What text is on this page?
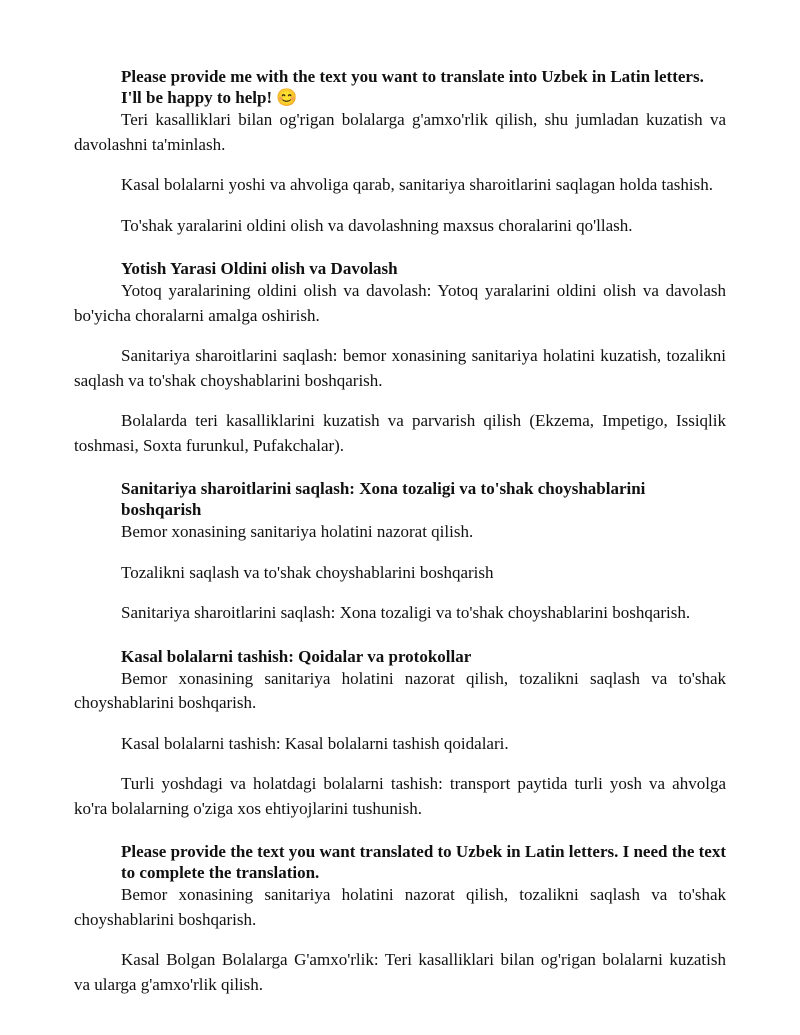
Please provide me with the text you want to translate into Uzbek in Latin letters. I'll be happy to help! 😊

Teri kasalliklari bilan og'rigan bolalarga g'amxo'rlik qilish, shu jumladan kuzatish va davolashni ta'minlash.

Kasal bolalarni yoshi va ahvoliga qarab, sanitariya sharoitlarini saqlagan holda tashish.

To'shak yaralarini oldini olish va davolashning maxsus choralarini qo'llash.

Yotish Yarasi Oldini olish va Davolash

Yotoq yaralarining oldini olish va davolash: Yotoq yaralarini oldini olish va davolash bo'yicha choralarni amalga oshirish.

Sanitariya sharoitlarini saqlash: bemor xonasining sanitariya holatini kuzatish, tozalikni saqlash va to'shak choyshablarini boshqarish.

Bolalarda teri kasalliklarini kuzatish va parvarish qilish (Ekzema, Impetigo, Issiqlik toshmasi, Soxta furunkul, Pufakchalar).

Sanitariya sharoitlarini saqlash: Xona tozaligi va to'shak choyshablarini boshqarish

Bemor xonasining sanitariya holatini nazorat qilish.

Tozalikni saqlash va to'shak choyshablarini boshqarish

Sanitariya sharoitlarini saqlash: Xona tozaligi va to'shak choyshablarini boshqarish.

Kasal bolalarni tashish: Qoidalar va protokollar

Bemor xonasining sanitariya holatini nazorat qilish, tozalikni saqlash va to'shak choyshablarini boshqarish.

Kasal bolalarni tashish: Kasal bolalarni tashish qoidalari.

Turli yoshdagi va holatdagi bolalarni tashish: transport paytida turli yosh va ahvolga ko'ra bolalarning o'ziga xos ehtiyojlarini tushunish.

Please provide the text you want translated to Uzbek in Latin letters. I need the text to complete the translation.

Bemor xonasining sanitariya holatini nazorat qilish, tozalikni saqlash va to'shak choyshablarini boshqarish.

Kasal Bolgan Bolalarga G'amxo'rlik: Teri kasalliklari bilan og'rigan bolalarni kuzatish va ularga g'amxo'rlik qilish.
